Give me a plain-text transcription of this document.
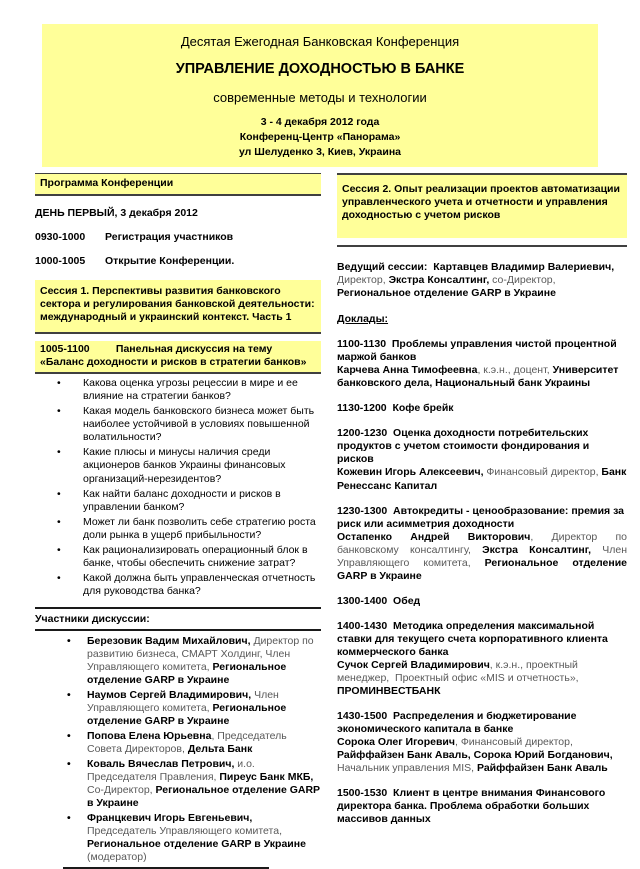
Десятая Ежегодная Банковская Конференция
УПРАВЛЕНИЕ ДОХОДНОСТЬЮ В БАНКЕ
современные методы и технологии
3 - 4 декабря 2012 года
Конференц-Центр «Панорама»
ул Шелуденко 3, Киев, Украина
Программа Конференции
ДЕНЬ ПЕРВЫЙ, 3 декабря 2012
0930-1000	Регистрация участников
1000-1005	Открытие Конференции.
Сессия 1. Перспективы развития банковского сектора и регулирования банковской деятельности: международный и украинский контекст. Часть 1
1005-1100         Панельная дискуссия на тему «Баланс доходности и рисков в стратегии банков»
• Какова оценка угрозы рецессии в мире и ее влияние на стратегии банков?
• Какая модель банковского бизнеса может быть наиболее устойчивой в условиях повышенной волатильности?
• Какие плюсы и минусы наличия среди акционеров банков Украины финансовых организаций-нерезидентов?
• Как найти баланс доходности и рисков в управлении банком?
• Может ли банк позволить себе стратегию роста доли рынка в ущерб прибыльности?
• Как рационализировать операционный блок в банке, чтобы обеспечить снижение затрат?
• Какой должна быть управленческая отчетность для руководства банка?
Участники дискуссии:
• Березовик Вадим Михайлович, Директор по развитию бизнеса, СМАРТ Холдинг, Член Управляющего комитета, Региональное отделение GARP в Украине
• Наумов Сергей Владимирович, Член Управляющего комитета, Региональное отделение GARP в Украине
• Попова Елена Юрьевна, Председатель Совета Директоров, Дельта Банк
• Коваль Вячеслав Петрович, и.о. Председателя Правления, Пиреус Банк МКБ, Со-Директор, Региональное отделение GARP в Украине
• Францкевич Игорь Евгеньевич, Председатель Управляющего комитета, Региональное отделение GARP в Украине (модератор)
Сессия 2. Опыт реализации проектов автоматизации управленческого учета и отчетности и управления доходностью с учетом рисков

Ведущий сессии:  Картавцев Владимир Валериевич, Директор, Экстра Консалтинг, со-Директор, Региональное отделение GARP в Украине

Доклады:

1100-1130  Проблемы управления чистой процентной маржой банков

Карчева Анна Тимофеевна, к.э.н., доцент, Университет банковского дела, Национальный банк Украины

1130-1200  Кофе брейк

1200-1230  Оценка доходности потребительских продуктов с учетом стоимости фондирования и рисков

Кожевин Игорь Алексеевич, Финансовый директор, Банк Ренессанс Капитал

1230-1300  Автокредиты - ценообразование: премия за риск или асимметрия доходности

Остапенко Андрей Викторович, Директор по банковскому консалтингу, Экстра Консалтинг, Член Управляющего комитета, Региональное отделение GARP в Украине

1300-1400  Обед

1400-1430  Методика определения максимальной ставки для текущего счета корпоративного клиента коммерческого банка

Сучок Сергей Владимирович, к.э.н., проектный менеджер,  Проектный офис «MIS и отчетность», ПРОМИНВЕСТБАНК

1430-1500  Распределения и бюджетирование экономического капитала в банке

Сорока Олег Игоревич, Финансовый директор, Райффайзен Банк Аваль, Сорока Юрий Богданович, Начальник управления MIS, Райффайзен Банк Аваль

1500-1530  Клиент в центре внимания Финансового директора банка. Проблема обработки больших массивов данных
